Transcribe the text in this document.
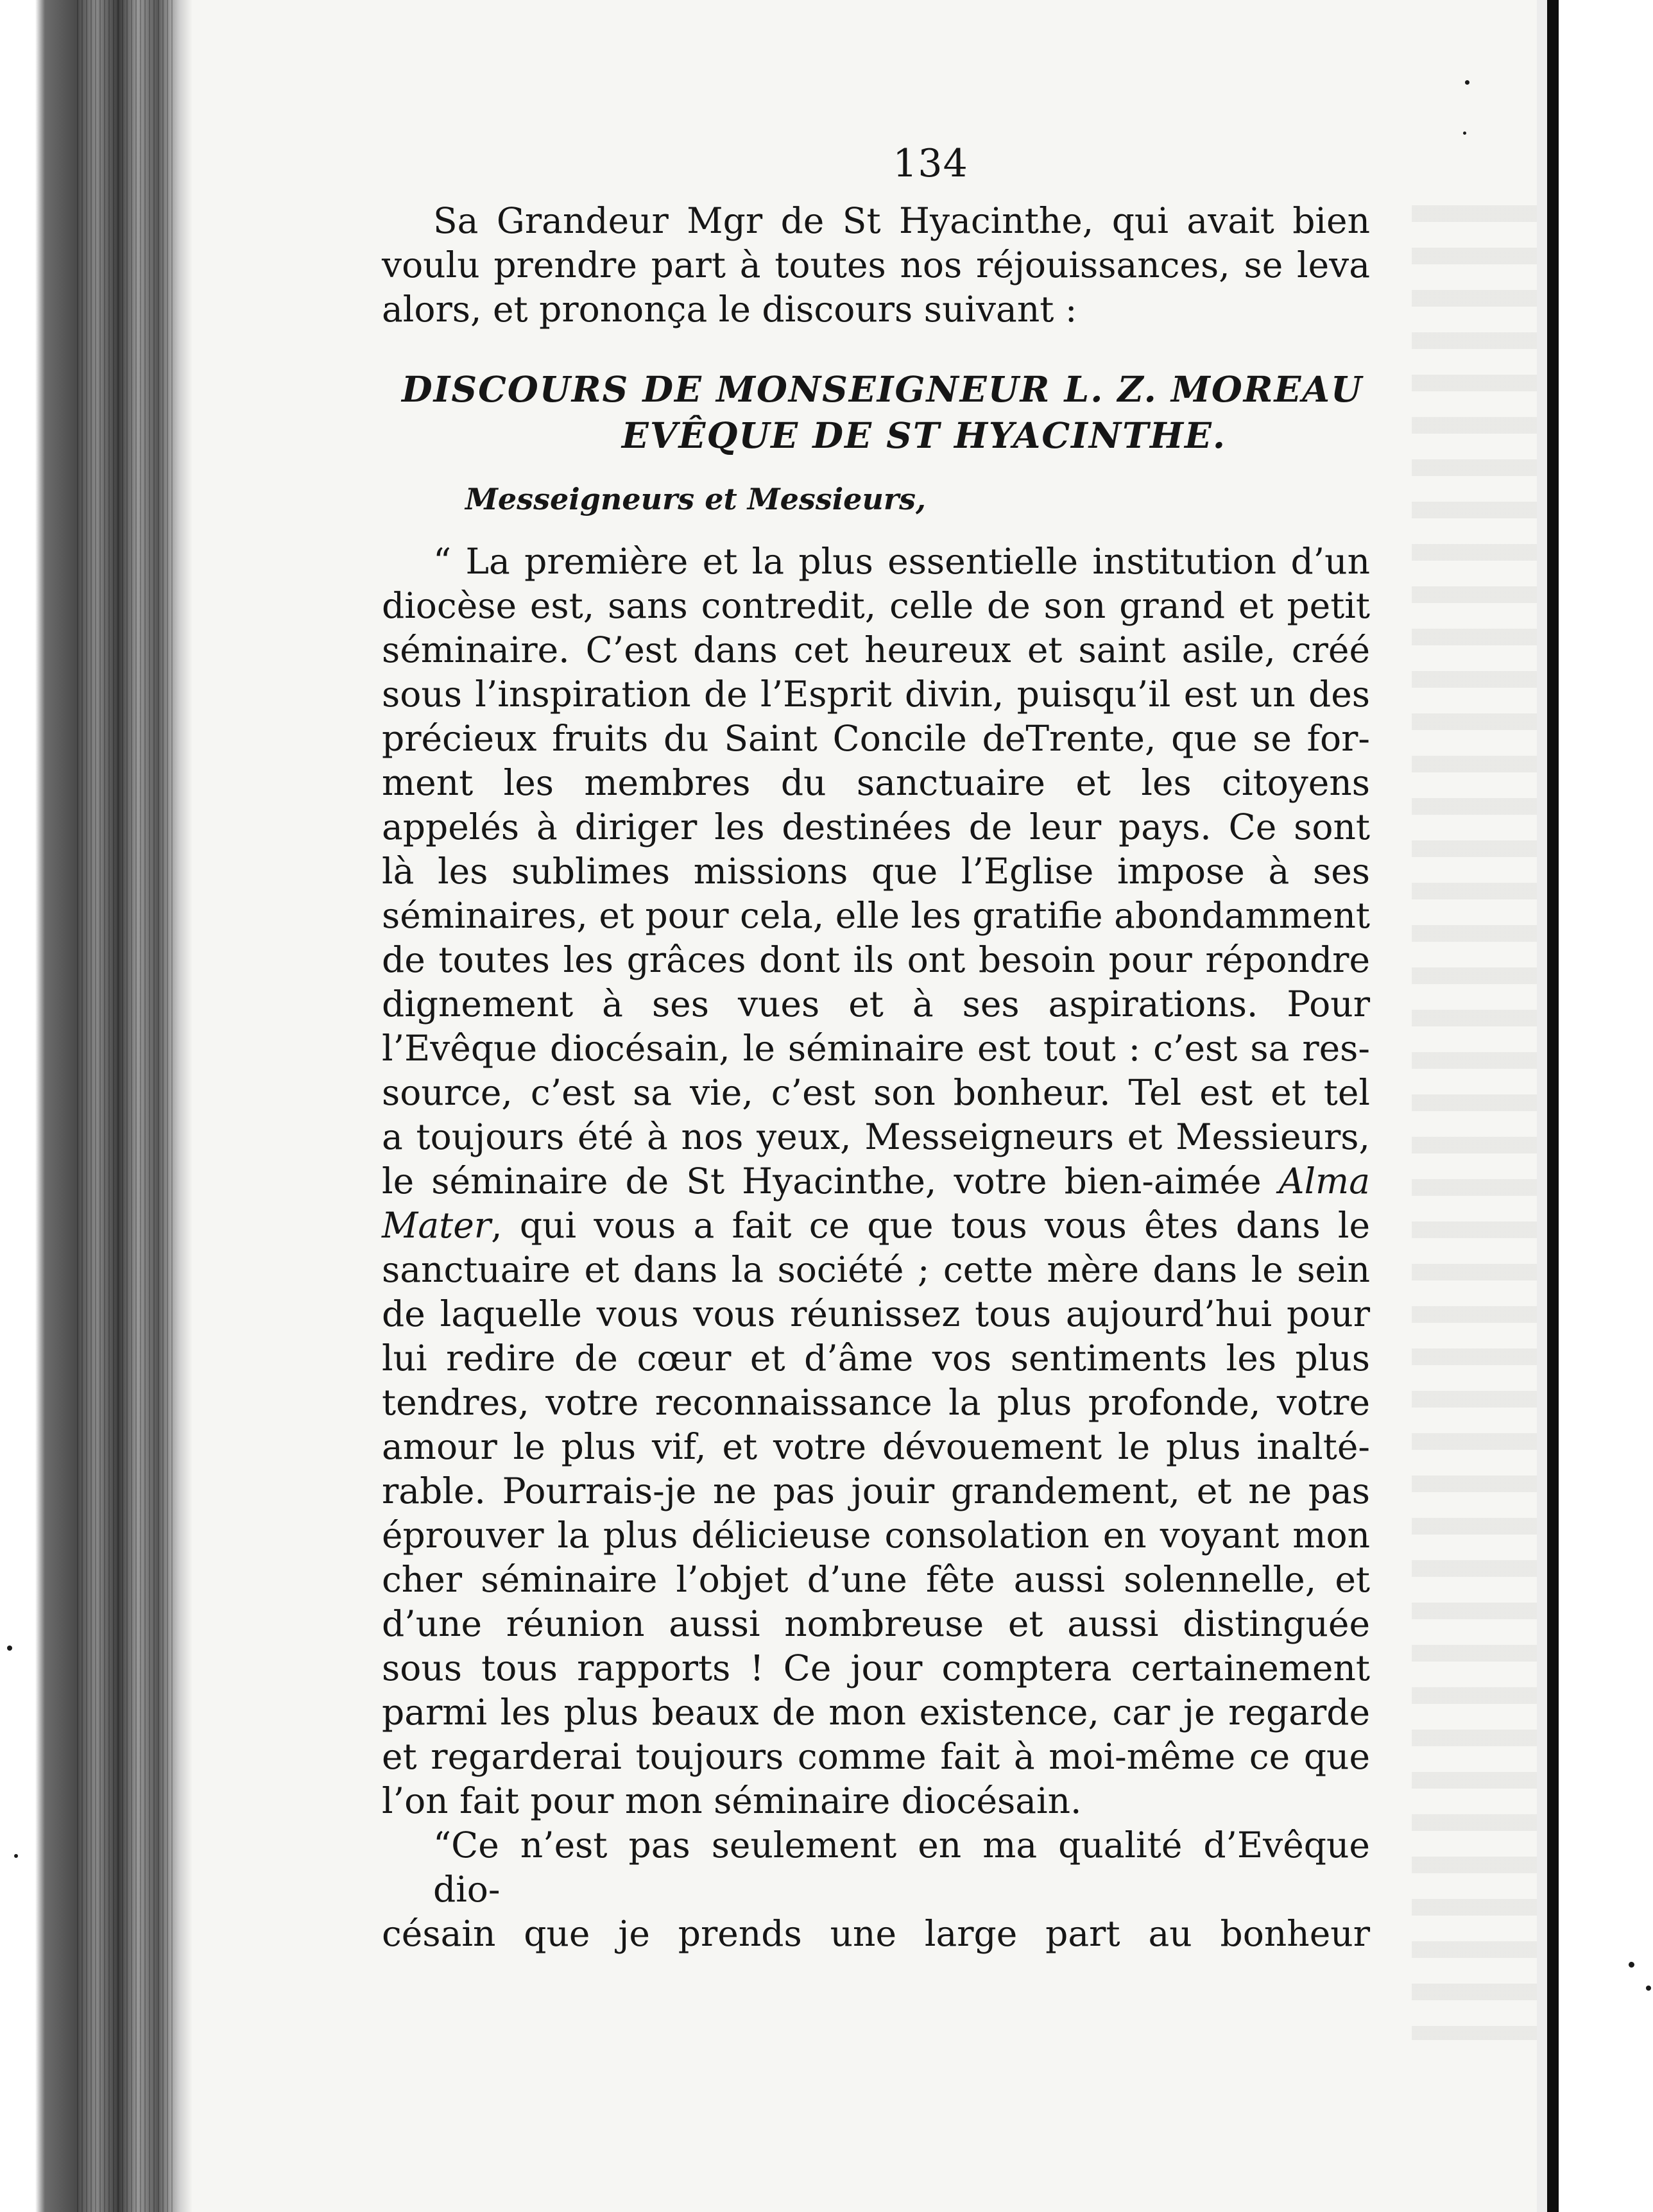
134
Sa Grandeur Mgr de St Hyacinthe, qui avait bien
voulu prendre part à toutes nos réjouissances, se leva
alors, et prononça le discours suivant :
DISCOURS DE MONSEIGNEUR L. Z. MOREAU
EVÊQUE DE ST HYACINTHE.
Messeigneurs et Messieurs,
“ La première et la plus essentielle institution d’un
diocèse est, sans contredit, celle de son grand et petit
séminaire. C’est dans cet heureux et saint asile, créé
sous l’inspiration de l’Esprit divin, puisqu’il est un des
précieux fruits du Saint Concile deTrente, que se for-
ment les membres du sanctuaire et les citoyens
appelés à diriger les destinées de leur pays. Ce sont
là les sublimes missions que l’Eglise impose à ses
séminaires, et pour cela, elle les gratifie abondamment
de toutes les grâces dont ils ont besoin pour répondre
dignement à ses vues et à ses aspirations. Pour
l’Evêque diocésain, le séminaire est tout : c’est sa res-
source, c’est sa vie, c’est son bonheur. Tel est et tel
a toujours été à nos yeux, Messeigneurs et Messieurs,
le séminaire de St Hyacinthe, votre bien-aimée Alma
Mater, qui vous a fait ce que tous vous êtes dans le
sanctuaire et dans la société ; cette mère dans le sein
de laquelle vous vous réunissez tous aujourd’hui pour
lui redire de cœur et d’âme vos sentiments les plus
tendres, votre reconnaissance la plus profonde, votre
amour le plus vif, et votre dévouement le plus inalté-
rable. Pourrais-je ne pas jouir grandement, et ne pas
éprouver la plus délicieuse consolation en voyant mon
cher séminaire l’objet d’une fête aussi solennelle, et
d’une réunion aussi nombreuse et aussi distinguée
sous tous rapports ! Ce jour comptera certainement
parmi les plus beaux de mon existence, car je regarde
et regarderai toujours comme fait à moi-même ce que
l’on fait pour mon séminaire diocésain.
“Ce n’est pas seulement en ma qualité d’Evêque dio-
césain que je prends une large part au bonheur
